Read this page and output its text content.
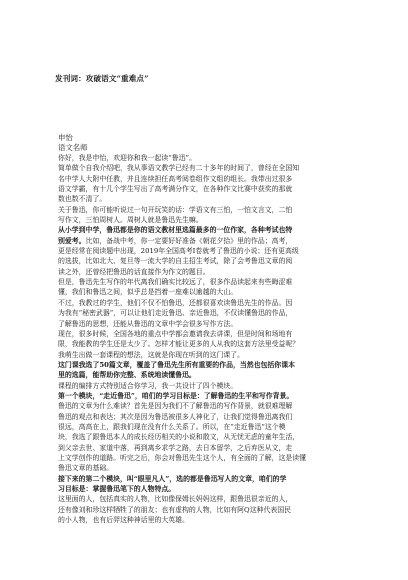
发刊词：攻破语文“重难点”
申怡
语文名师
你好，我是申怡，欢迎你和我一起读“鲁迅”。
简单做个自我介绍吧，我从事语文教学已经有二十多年的时间了，曾经在全国知
名中学人大附中任教，并且连续担任高考阅卷组作文组的组长。我带出过很多
语文学霸，有十几个学生写出了高考满分作文，在各种作文比赛中获奖的那就
数也数不清了。
关于鲁迅，你可能听说过一句开玩笑的话：学语文有三怕，一怕文言文，二怕
写作文，三怕周树人。周树人就是鲁迅先生嘛。
从小学到中学，鲁迅都是你的语文教材里选篇最多的一位作家，各种考试也特
别爱考。比如，备战中考，你一定要好好准备《朝花夕拾》里的作品；高考，
更是经常在阅读题中出现，2019年全国高考Ⅰ卷就考了鲁迅的小说；还有更高级
的选拔，比如北大、复旦等一流大学的自主招生考试，除了会考鲁迅文章的阅
读之外，还曾经把鲁迅的话直接作为作文的题目。
但是，鲁迅先生写作的年代离我们确实比较远了，很多作品读起来有些晦涩难
懂，我们和鲁迅之间，似乎总是挡着一座难以逾越的大山。
不过，我教过的学生，他们不仅不怕鲁迅，还都很喜欢读鲁迅先生的作品。因
为我有“秘密武器”，可以让他们走近鲁迅、亲近鲁迅，不仅读懂鲁迅的作品，
了解鲁迅的思想，还能从鲁迅的文章中学会很多写作方法。
现在，很多时候，全国各地的重点中学都会邀请我去讲课，但是时间和场地有
限，我能教的学生还是太少了。怎样才能让更多的人从我的这套方法里受益呢？
我萌生出做一套课程的想法，这就是你现在听到的这门课了。
这门课我选了50篇文章，覆盖了鲁迅先生所有重要的作品，当然也包括你课本
里的选篇，能帮助你完整、系统地读懂鲁迅。
课程的编排方式特别适合你学习，我一共设计了四个模块。
第一个模块，“走近鲁迅”，咱们的学习目标是：了解鲁迅的生平和写作背景。
鲁迅的文章为什么难读？首先是因为我们不了解鲁迅的写作背景，就很难理解
鲁迅的观点和表达；其次是因为鲁迅被很多人神化了，让我们觉得鲁迅离我们
很远，高高在上，跟我们现在没有什么关系了。所以，在“走近鲁迅”这个模
块，我选了跟鲁迅本人的成长经历相关的小说和散文，从无忧无虑的童年生活，
到父亲去世、家道中落，再到离乡求学之路，去日本留学，之后弃医从文，走
上文学创作的道路。听完之后，你会对鲁迅先生这个人，有全面的了解，这是读懂
鲁迅文章的基础。
接下来的第二个模块，叫“眼里凡人”，选的都是鲁迅写人的文章，咱们的学
习目标是：掌握鲁迅笔下的人物特点。
这里面的人，包括真实的人物，比如像保姆长妈妈这样，跟鲁迅很亲近的人，
还有像刘和珍这样牺牲了的朋友；也有虚构的人物，比如有阿Q这种代表国民
的小人物，也有后羿这种神话里的大英雄。
